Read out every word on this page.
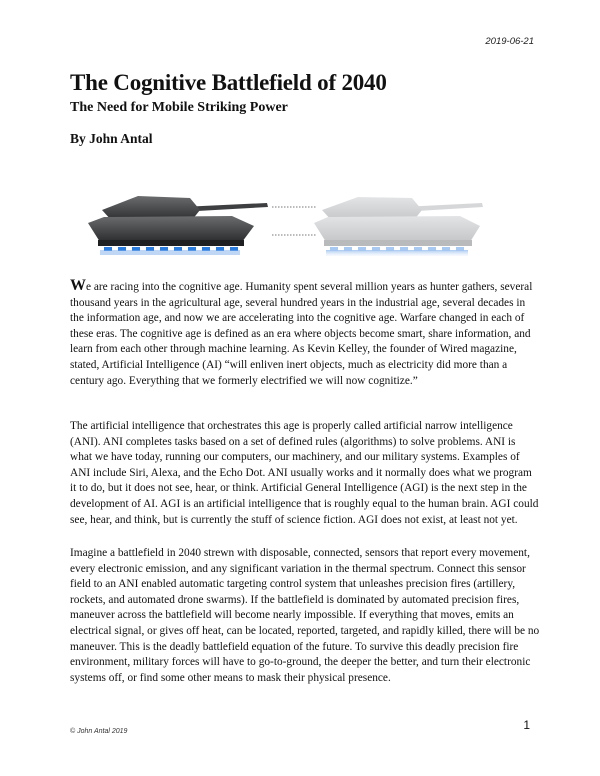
2019-06-21
The Cognitive Battlefield of 2040
The Need for Mobile Striking Power

By John Antal

We are racing into the cognitive age. Humanity spent several million years as hunter gathers, several thousand years in the agricultural age, several hundred years in the industrial age, several decades in the information age, and now we are accelerating into the cognitive age. Warfare changed in each of these eras. The cognitive age is defined as an era where objects become smart, share information, and learn from each other through machine learning. As Kevin Kelley, the founder of Wired magazine, stated, Artificial Intelligence (AI) “will enliven inert objects, much as electricity did more than a century ago. Everything that we formerly electrified we will now cognitize.”

The artificial intelligence that orchestrates this age is properly called artificial narrow intelligence (ANI). ANI completes tasks based on a set of defined rules (algorithms) to solve problems. ANI is what we have today, running our computers, our machinery, and our military systems. Examples of ANI include Siri, Alexa, and the Echo Dot. ANI usually works and it normally does what we program it to do, but it does not see, hear, or think. Artificial General Intelligence (AGI) is the next step in the development of AI. AGI is an artificial intelligence that is roughly equal to the human brain. AGI could see, hear, and think, but is currently the stuff of science fiction. AGI does not exist, at least not yet.

Imagine a battlefield in 2040 strewn with disposable, connected, sensors that report every movement, every electronic emission, and any significant variation in the thermal spectrum. Connect this sensor field to an ANI enabled automatic targeting control system that unleashes precision fires (artillery, rockets, and automated drone swarms). If the battlefield is dominated by automated precision fires, maneuver across the battlefield will become nearly impossible. If everything that moves, emits an electrical signal, or gives off heat, can be located, reported, targeted, and rapidly killed, there will be no maneuver. This is the deadly battlefield equation of the future. To survive this deadly precision fire environment, military forces will have to go-to-ground, the deeper the better, and turn their electronic systems off, or find some other means to mask their physical presence.

© John Antal 2019	1
